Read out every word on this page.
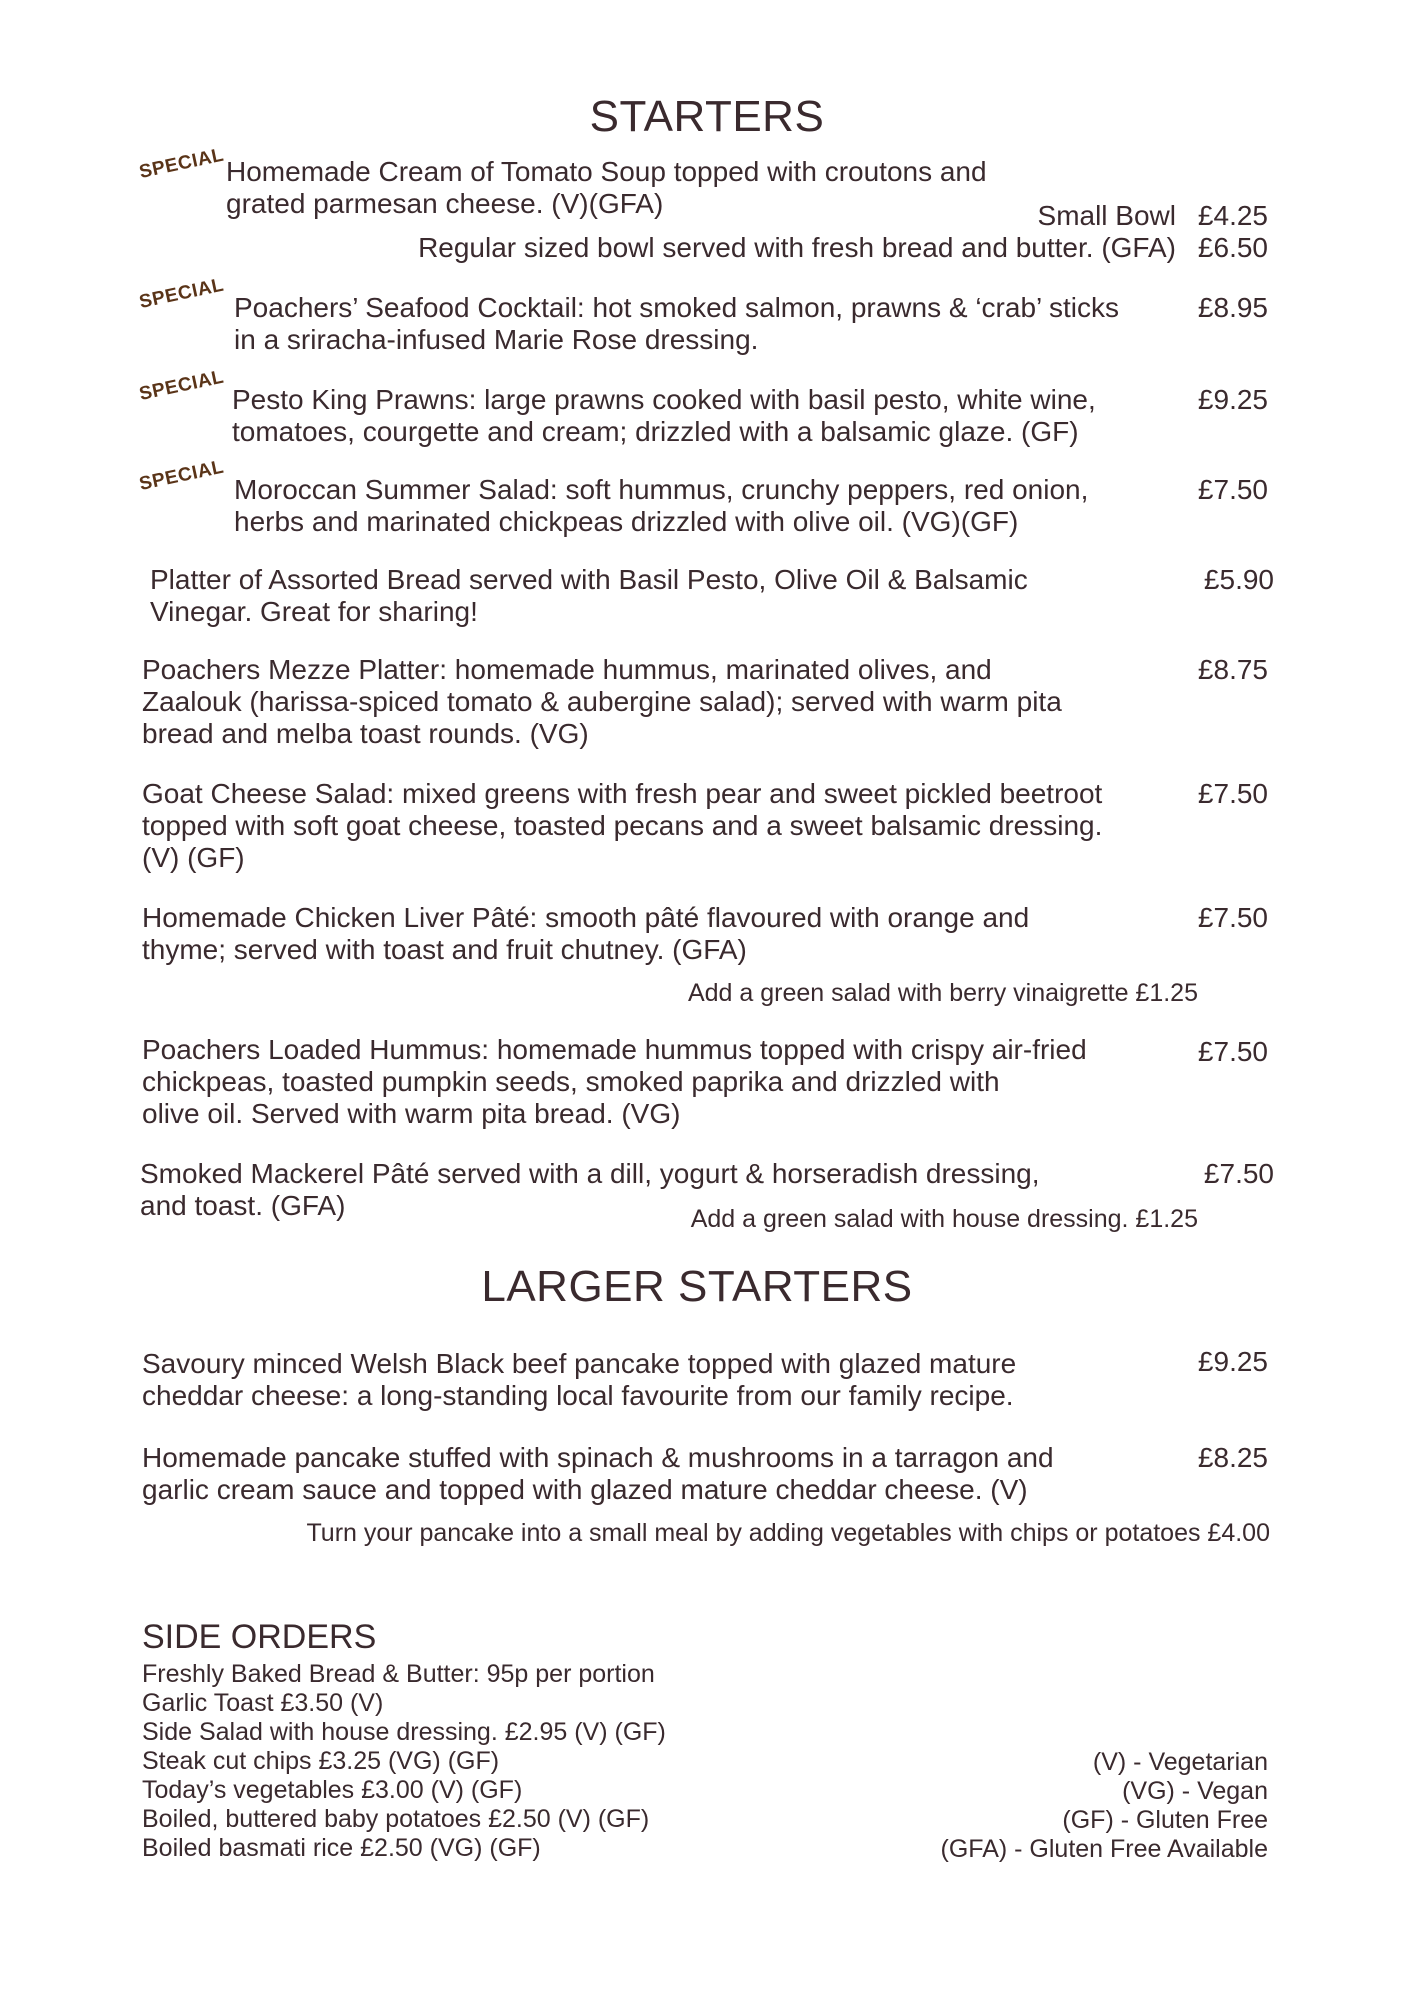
STARTERS
SPECIAL Homemade Cream of Tomato Soup topped with croutons and
grated parmesan cheese. (V)(GFA)	Small Bowl £4.25
Regular sized bowl served with fresh bread and butter. (GFA) £6.50
SPECIAL Poachers’ Seafood Cocktail: hot smoked salmon, prawns & ‘crab’ sticks
in a sriracha-infused Marie Rose dressing.
£8.95
SPECIAL Pesto King Prawns: large prawns cooked with basil pesto, white wine,
tomatoes, courgette and cream; drizzled with a balsamic glaze. (GF)
£9.25
SPECIAL Moroccan Summer Salad: soft hummus, crunchy peppers, red onion,
herbs and marinated chickpeas drizzled with olive oil. (VG)(GF)
£7.50
Platter of Assorted Bread served with Basil Pesto, Olive Oil & Balsamic
Vinegar. Great for sharing!
£5.90
Poachers Mezze Platter: homemade hummus, marinated olives, and
Zaalouk (harissa-spiced tomato & aubergine salad); served with warm pita
bread and melba toast rounds. (VG)
£8.75
Goat Cheese Salad: mixed greens with fresh pear and sweet pickled beetroot
topped with soft goat cheese, toasted pecans and a sweet balsamic dressing.
(V) (GF)
£7.50
Homemade Chicken Liver Pâté: smooth pâté flavoured with orange and
thyme; served with toast and fruit chutney. (GFA)
£7.50
Add a green salad with berry vinaigrette £1.25
Poachers Loaded Hummus: homemade hummus topped with crispy air-fried
chickpeas, toasted pumpkin seeds, smoked paprika and drizzled with
olive oil. Served with warm pita bread. (VG)
£7.50
Smoked Mackerel Pâté served with a dill, yogurt & horseradish dressing,
and toast. (GFA)
£7.50
Add a green salad with house dressing. £1.25
LARGER STARTERS
Savoury minced Welsh Black beef pancake topped with glazed mature
cheddar cheese: a long-standing local favourite from our family recipe.
£9.25
Homemade pancake stuffed with spinach & mushrooms in a tarragon and
garlic cream sauce and topped with glazed mature cheddar cheese. (V)
£8.25
Turn your pancake into a small meal by adding vegetables with chips or potatoes £4.00
SIDE ORDERS
Freshly Baked Bread & Butter: 95p per portion
Garlic Toast £3.50 (V)
Side Salad with house dressing. £2.95 (V) (GF)
Steak cut chips £3.25 (VG) (GF)
Today’s vegetables £3.00 (V) (GF)
Boiled, buttered baby potatoes £2.50 (V) (GF)
Boiled basmati rice £2.50 (VG) (GF)
(V) - Vegetarian
(VG) - Vegan
(GF) - Gluten Free
(GFA) - Gluten Free Available
